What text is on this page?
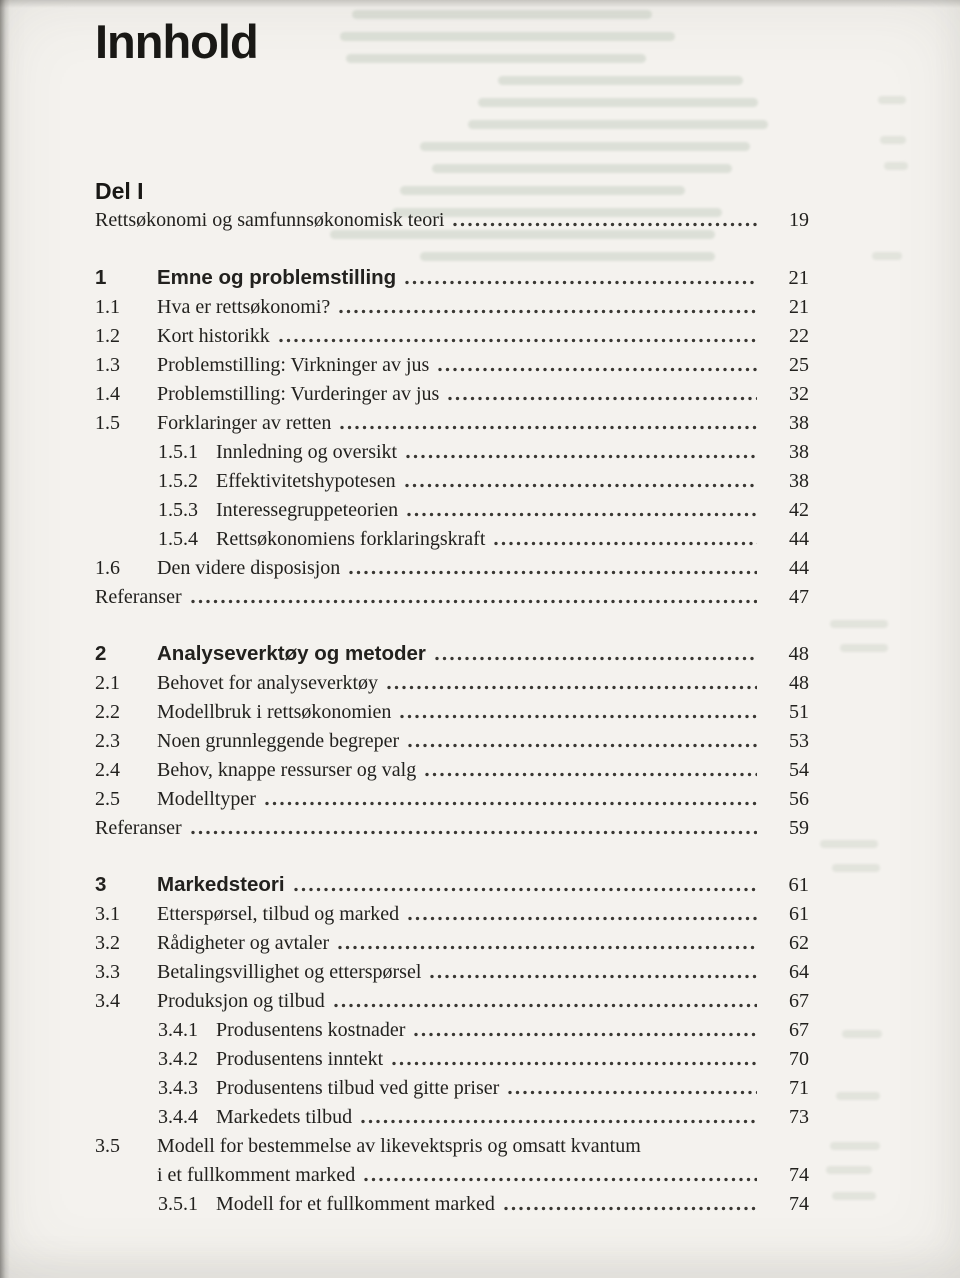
Innhold
Del I
Rettsøkonomi og samfunnsøkonomisk teori	19
1	Emne og problemstilling	21
1.1	Hva er rettsøkonomi?	21
1.2	Kort historikk	22
1.3	Problemstilling: Virkninger av jus	25
1.4	Problemstilling: Vurderinger av jus	32
1.5	Forklaringer av retten	38
1.5.1 Innledning og oversikt	38
1.5.2 Effektivitetshypotesen	38
1.5.3 Interessegruppeteorien	42
1.5.4 Rettsøkonomiens forklaringskraft	44
1.6	Den videre disposisjon	44
Referanser	47
2	Analyseverktøy og metoder	48
2.1	Behovet for analyseverktøy	48
2.2	Modellbruk i rettsøkonomien	51
2.3	Noen grunnleggende begreper	53
2.4	Behov, knappe ressurser og valg	54
2.5	Modelltyper	56
Referanser	59
3	Markedsteori	61
3.1	Etterspørsel, tilbud og marked	61
3.2	Rådigheter og avtaler	62
3.3	Betalingsvillighet og etterspørsel	64
3.4	Produksjon og tilbud	67
3.4.1 Produsentens kostnader	67
3.4.2 Produsentens inntekt	70
3.4.3 Produsentens tilbud ved gitte priser	71
3.4.4 Markedets tilbud	73
3.5	Modell for bestemmelse av likevektspris og omsatt kvantum
i et fullkomment marked	74
3.5.1 Modell for et fullkomment marked	74
